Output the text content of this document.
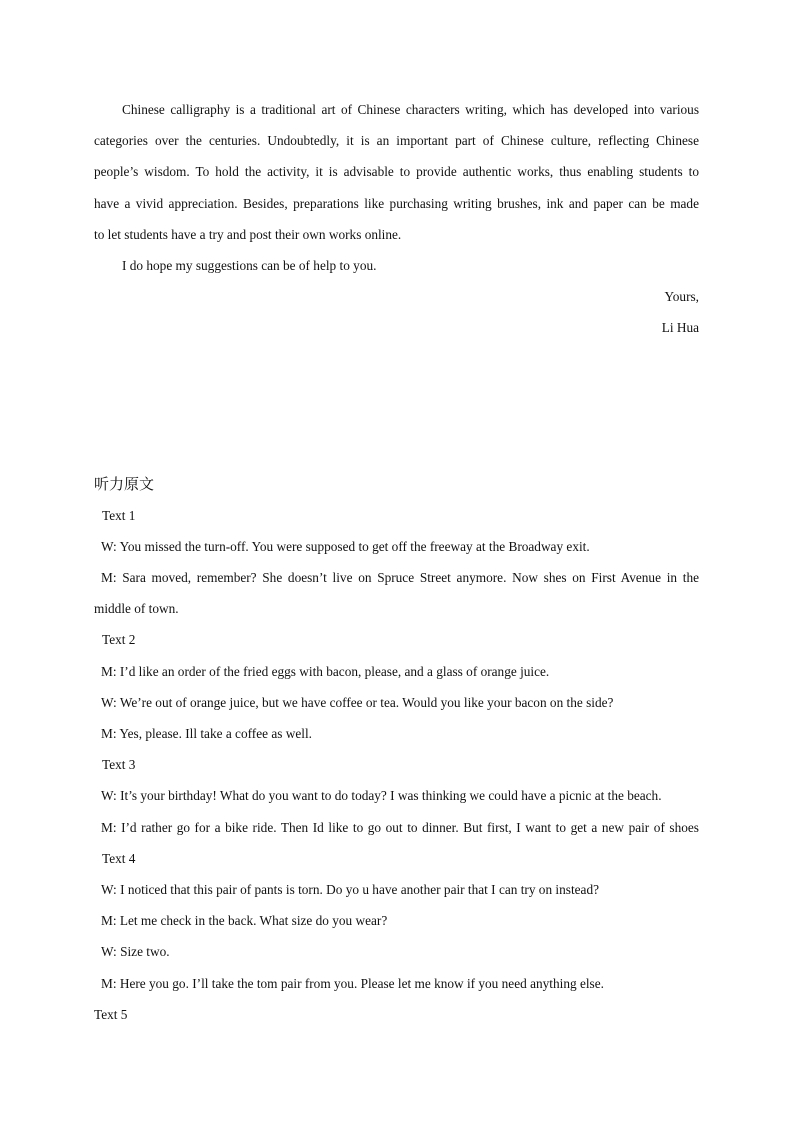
Chinese calligraphy is a traditional art of Chinese characters writing, which has developed into various
categories over the centuries. Undoubtedly, it is an important part of Chinese culture, reflecting Chinese
people’s wisdom. To hold the activity, it is advisable to provide authentic works, thus enabling students to
have a vivid appreciation. Besides, preparations like purchasing writing brushes, ink and paper can be made
to let students have a try and post their own works online.
I do hope my suggestions can be of help to you.
Yours,
Li Hua
听力原文
Text 1
W: You missed the turn-off. You were supposed to get off the freeway at the Broadway exit.
M: Sara moved, remember? She doesn’t live on Spruce Street anymore. Now shes on First Avenue in the
middle of town.
Text 2
M: I’d like an order of the fried eggs with bacon, please, and a glass of orange juice.
W: We’re out of orange juice, but we have coffee or tea. Would you like your bacon on the side?
M: Yes, please. Ill take a coffee as well.
Text 3
W: It’s your birthday! What do you want to do today? I was thinking we could have a picnic at the beach.
M: I’d rather go for a bike ride. Then Id like to go out to dinner. But first, I want to get a new pair of shoes
Text 4
W: I noticed that this pair of pants is torn. Do yo u have another pair that I can try on instead?
M: Let me check in the back. What size do you wear?
W: Size two.
M: Here you go. I’ll take the tom pair from you. Please let me know if you need anything else.
Text 5
